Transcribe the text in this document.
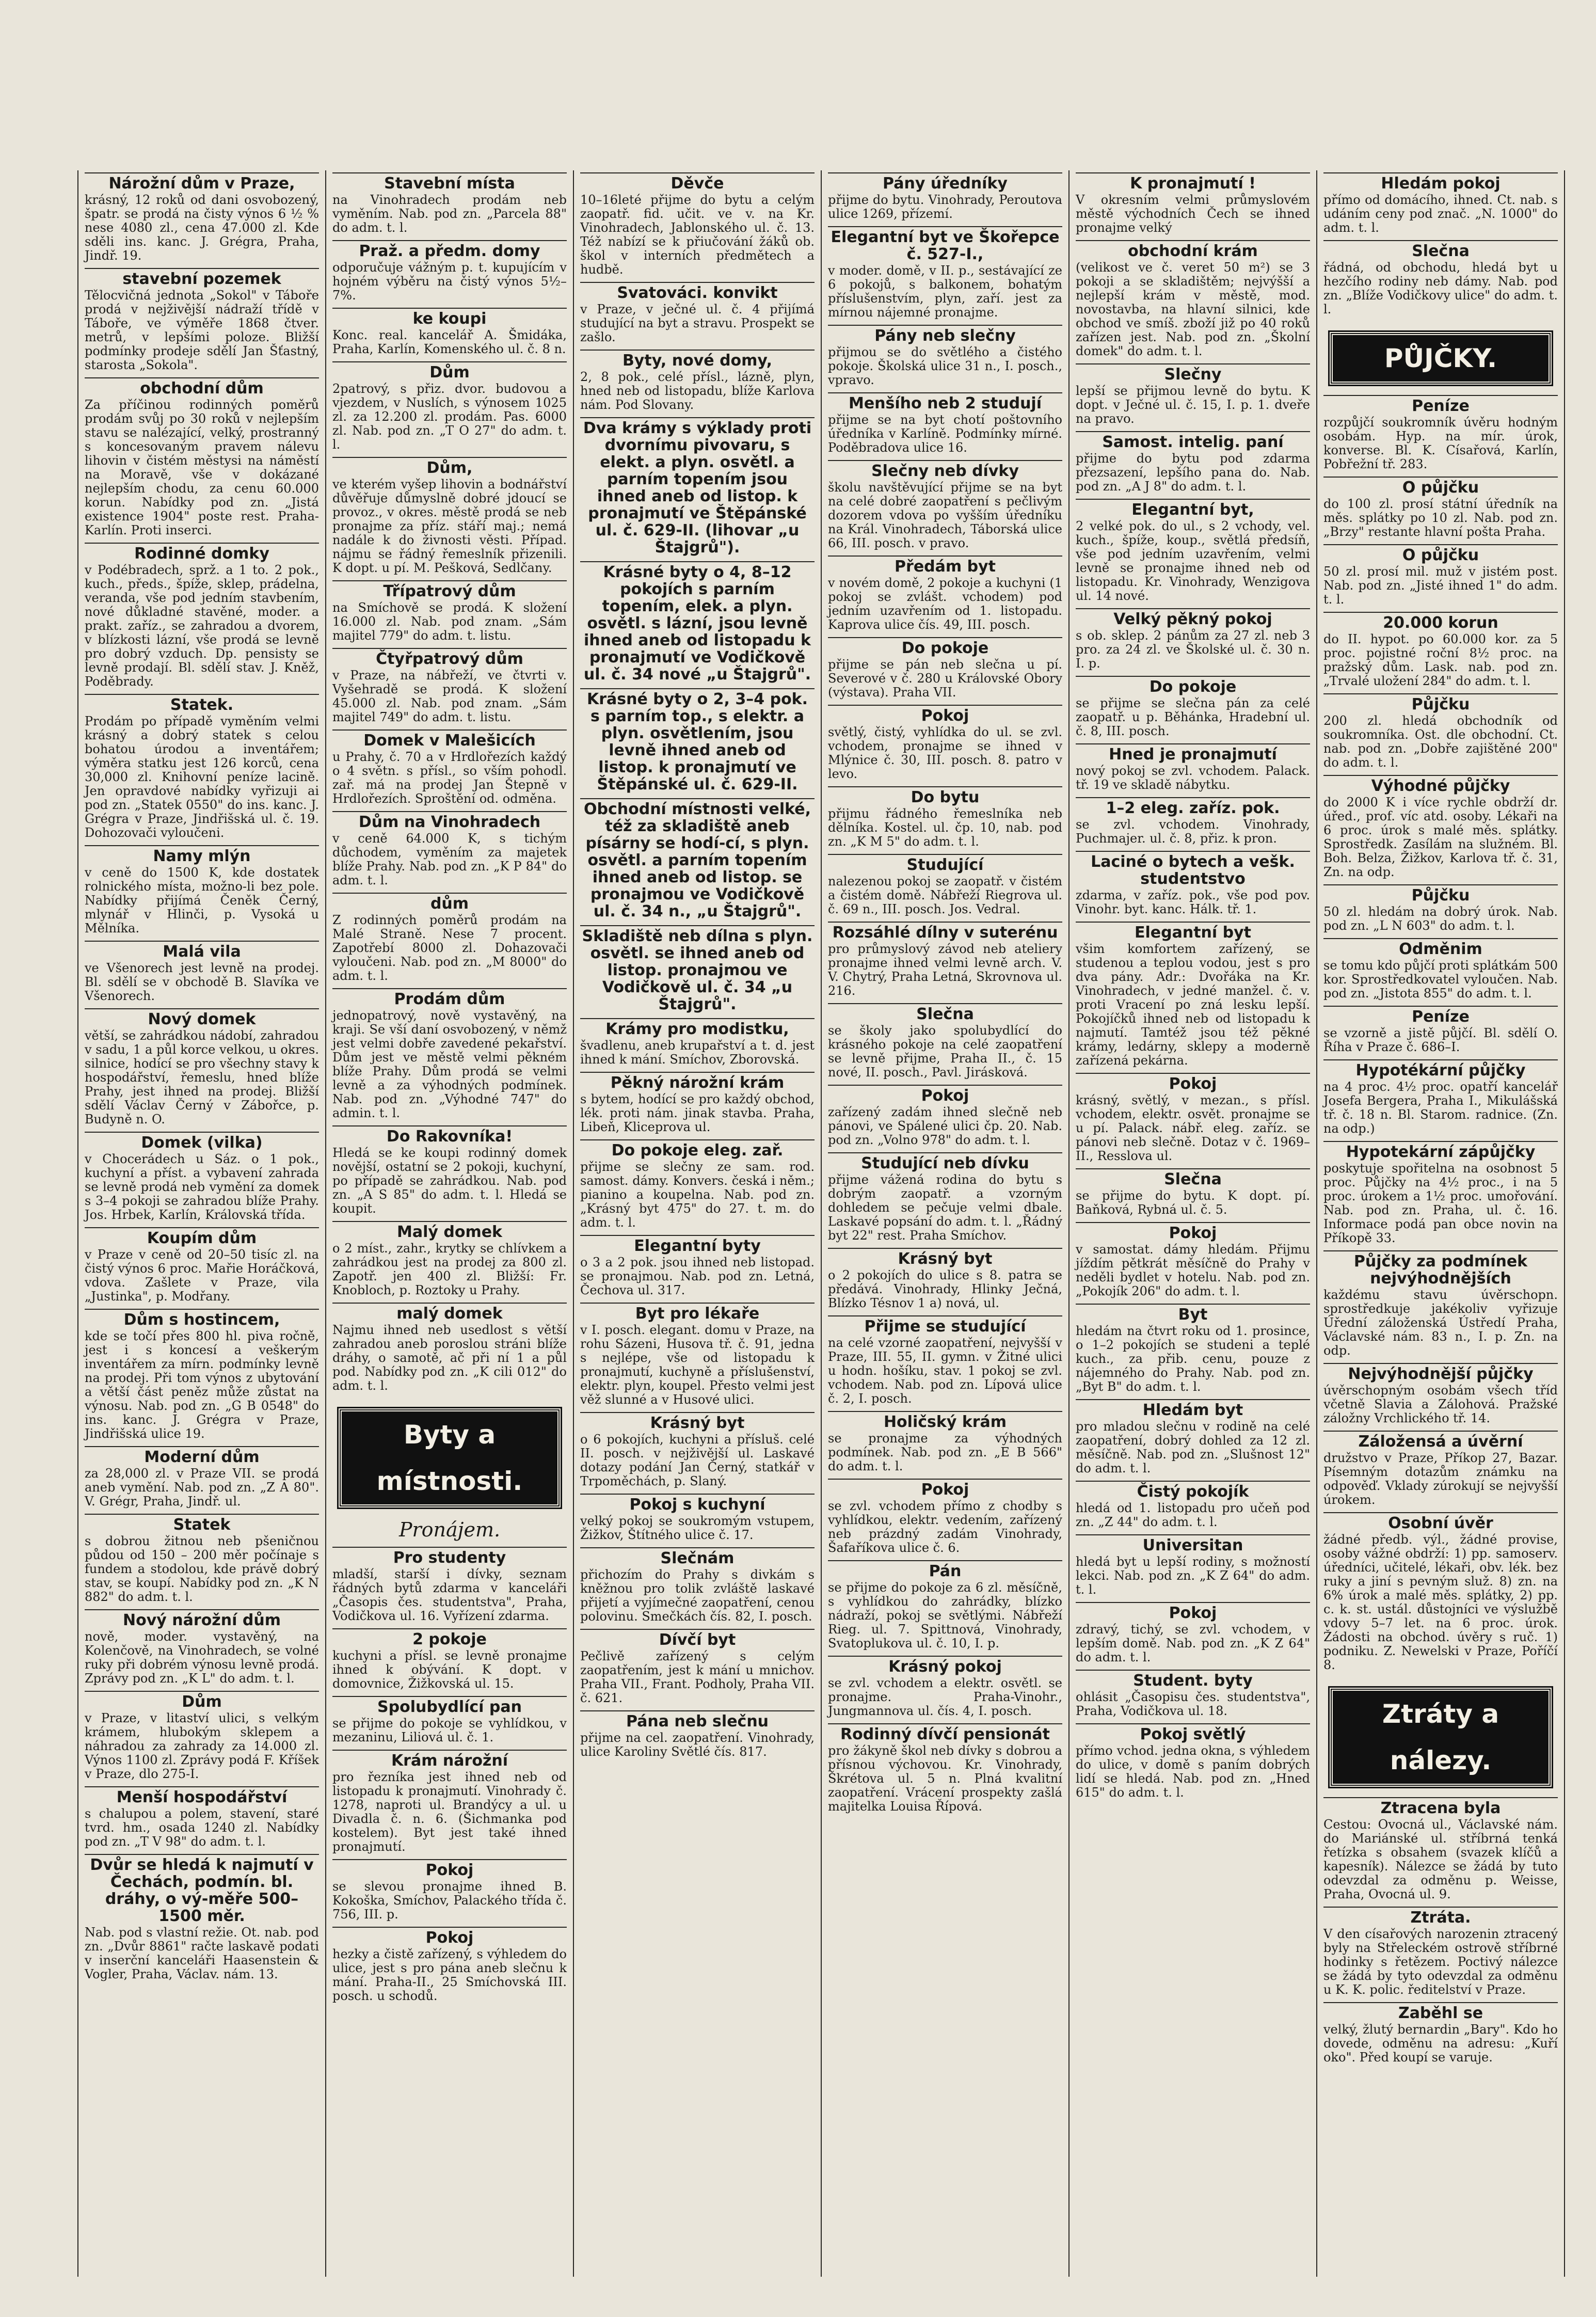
Nárožní dům v Praze,

krásný, 12 roků od dani osvobozený, špatr. se prodá na čisty výnos 6 ½ % nese 4080 zl., cena 47.000 zl. Kde sděli ins. kanc. J. Grégra, Praha, Jindř. 19.

stavební pozemek

Tělocvičná jednota „Sokol" v Táboře prodá v nejživější nádraží třídě v Táboře, ve výměře 1868 čtver. metrů, v lepšími poloze. Bližší podmínky prodeje sdělí Jan Šťastný, starosta „Sokola".

obchodní dům

Za příčinou rodinných poměrů prodám svůj po 30 roků v nejlepším stavu se nalézající, velký, prostranný s koncesovaným pravem nálevu lihovin v čistém městysi na náměstí na Moravě, vše v dokázané nejlepším chodu, za cenu 60.000 korun. Nabídky pod zn. „Jistá existence 1904" poste rest. Praha-Karlín. Proti inserci.

Rodinné domky

v Podébradech, sprž. a 1 to. 2 pok., kuch., předs., špíže, sklep, prádelna, veranda, vše pod jedním stavbením, nové důkladné stavěné, moder. a prakt. zaříz., se zahradou a dvorem, v blízkosti lázní, vše prodá se levně pro dobrý vzduch. Dp. pensisty se levně prodají. Bl. sdělí stav. J. Kněž, Poděbrady.

Statek.

Prodám po případě vyměním velmi krásný a dobrý statek s celou bohatou úrodou a inventářem; výměra statku jest 126 korců, cena 30,000 zl. Knihovní peníze lacině. Jen opravdové nabídky vyřizuji ai pod zn. „Statek 0550" do ins. kanc. J. Grégra v Praze, Jindřišská ul. č. 19. Dohozovači vyloučeni.

Namy mlýn

v ceně do 1500 K, kde dostatek rolnického místa, možno-li bez pole. Nabídky přijímá Čeněk Černý, mlynář v Hlinči, p. Vysoká u Mělníka.

Malá vila

ve Všenorech jest levně na prodej. Bl. sdělí se v obchodě B. Slavíka ve Všenorech.

Nový domek

větší, se zahrádkou nádobí, zahradou v sadu, 1 a půl korce velkou, u okres. silnice, hodící se pro všechny stavy k hospodářství, řemeslu, hned blíže Prahy, jest ihned na prodej. Bližší sdělí Václav Černý v Zábořce, p. Budyně n. O.

Domek (vilka)

v Chocerádech u Sáz. o 1 pok., kuchyní a příst. a vybavení zahrada se levně prodá neb vymění za domek s 3–4 pokoji se zahradou blíže Prahy. Jos. Hrbek, Karlín, Královská třída.

Koupím dům

v Praze v ceně od 20–50 tisíc zl. na čistý výnos 6 proc. Mařie Horáčková, vdova. Zašlete v Praze, vila „Justinka", p. Modřany.

Dům s hostincem,

kde se točí přes 800 hl. piva ročně, jest i s koncesí a veškerým inventářem za mírn. podmínky levně na prodej. Při tom výnos z ubytování a větší část peněz může zůstat na výnosu. Nab. pod zn. „G B 0548" do ins. kanc. J. Grégra v Praze, Jindřišská ulice 19.

Moderní dům

za 28,000 zl. v Praze VII. se prodá aneb vymění. Nab. pod zn. „Z A 80". V. Grégr, Praha, Jindř. ul.

Statek

s dobrou žitnou neb pšeničnou půdou od 150 – 200 měr počínaje s fundem a stodolou, kde právě dobrý stav, se koupí. Nabídky pod zn. „K N 882" do adm. t. l.

Nový nárožní dům

nově, moder. vystavěný, na Kolenčově, na Vinohradech, se volné ruky při dobrém výnosu levně prodá. Zprávy pod zn. „K L" do adm. t. l.

Dům

v Praze, v litaství ulici, s velkým krámem, hlubokým sklepem a náhradou za zahrady za 14.000 zl. Výnos 1100 zl. Zprávy podá F. Kříšek v Praze, dlo 275-I.

Menší hospodářství

s chalupou a polem, stavení, staré tvrd. hm., osada 1240 zl. Nabídky pod zn. „T V 98" do adm. t. l.

Dvůr se hledá k najmutí v Čechách, podmín. bl. dráhy, o vý-měře 500–1500 měr.

Nab. pod s vlastní režie. Ot. nab. pod zn. „Dvůr 8861" račte laskavě podati v inserční kanceláři Haasenstein & Vogler, Praha, Václav. nám. 13.

Stavební místa

na Vinohradech prodám neb vyměním. Nab. pod zn. „Parcela 88" do adm. t. l.

Praž. a předm. domy

odporučuje vážným p. t. kupujícím v hojném výběru na čistý výnos 5½–7%.

ke koupi

Konc. real. kancelář A. Šmidáka, Praha, Karlín, Komenského ul. č. 8 n.

Dům

2patrový, s přiz. dvor. budovou a vjezdem, v Nuslích, s výnosem 1025 zl. za 12.200 zl. prodám. Pas. 6000 zl. Nab. pod zn. „T O 27" do adm. t. l.

Dům,

ve kterém vyšep lihovin a bodnářství důvěřuje důmyslně dobré jdoucí se provoz., v okres. městě prodá se neb pronajme za příz. stáří maj.; nemá nadále k do živnosti věsti. Případ. nájmu se řádný řemeslník přizenili. K dopt. u pí. M. Pešková, Sedlčany.

Třípatrový dům

na Smíchově se prodá. K složení 16.000 zl. Nab. pod znam. „Sám majitel 779" do adm. t. listu.

Čtyřpatrový dům

v Praze, na nábřeží, ve čtvrti v. Vyšehradě se prodá. K složení 45.000 zl. Nab. pod znam. „Sám majitel 749" do adm. t. listu.

Domek v Malešicích

u Prahy, č. 70 a v Hrdlořezích každý o 4 světn. s přísl., so vším pohodl. zař. má na prodej Jan Štepně v Hrdlořezích. Sproštění od. odměna.

Dům na Vinohradech

v ceně 64.000 K, s tichým důchodem, vyměním za majetek blíže Prahy. Nab. pod zn. „K P 84" do adm. t. l.

dům

Z rodinných poměrů prodám na Malé Straně. Nese 7 procent. Zapotřebí 8000 zl. Dohazovači vyloučeni. Nab. pod zn. „M 8000" do adm. t. l.

Prodám dům

jednopatrový, nově vystavěný, na kraji. Se vší daní osvobozený, v němž jest velmi dobře zavedené pekařství. Dům jest ve městě velmi pěkném blíže Prahy. Dům prodá se velmi levně a za výhodných podmínek. Nab. pod zn. „Výhodné 747" do admin. t. l.

Do Rakovníka!

Hledá se ke koupi rodinný domek novější, ostatní se 2 pokoji, kuchyní, po případě se zahrádkou. Nab. pod zn. „A S 85" do adm. t. l. Hledá se koupit.

Malý domek

o 2 míst., zahr., krytky se chlívkem a zahrádkou jest na prodej za 800 zl. Zapotř. jen 400 zl. Bližší: Fr. Knobloch, p. Roztoky u Prahy.

malý domek

Najmu ihned neb usedlost s větší zahradou aneb poroslou stráni blíže dráhy, o samotě, ač při ní 1 a půl pod. Nabídky pod zn. „K cili 012" do adm. t. l.

Byty a místnosti.
Pronájem.
Pro studenty

mladší, starší i dívky, seznam řádných bytů zdarma v kanceláři „Časopis čes. studentstva", Praha, Vodičkova ul. 16. Vyřízení zdarma.

2 pokoje

kuchyni a přísl. se levně pronajme ihned k obývání. K dopt. v domovnice, Žižkovská ul. 15.

Spolubydlící pan

se přijme do pokoje se vyhlídkou, v mezaninu, Liliová ul. č. 1.

Krám nárožní

pro řezníka jest ihned neb od listopadu k pronajmutí. Vinohrady č. 1278, naproti ul. Brandýcy a ul. u Divadla č. n. 6. (Šichmanka pod kostelem). Byt jest také ihned pronajmutí.

Pokoj

se slevou pronajme ihned B. Kokoška, Smíchov, Palackého třída č. 756, III. p.

Pokoj

hezky a čistě zařízený, s výhledem do ulice, jest s pro pána aneb slečnu k mání. Praha-II., 25 Smíchovská III. posch. u schodů.

Děvče

10–16leté přijme do bytu a celým zaopatř. fid. učit. ve v. na Kr. Vinohradech, Jablonského ul. č. 13. Též nabízí se k přiučování žáků ob. škol v interních předmětech a hudbě.

Svatováci. konvikt

v Praze, v ječné ul. č. 4 přijímá studující na byt a stravu. Prospekt se zašlo.

Byty, nové domy,

2, 8 pok., celé přísl., lázně, plyn, hned neb od listopadu, blíže Karlova nám. Pod Slovany.

Dva krámy s výklady proti dvornímu pivovaru, s elekt. a plyn. osvětl. a parním topením jsou ihned aneb od listop. k pronajmutí ve Štěpánské ul. č. 629-II. (lihovar „u Štajgrů").
Krásné byty o 4, 8–12 pokojích s parním topením, elek. a plyn. osvětl. s lázní, jsou levně ihned aneb od listopadu k pronajmutí ve Vodičkově ul. č. 34 nové „u Štajgrů".
Krásné byty o 2, 3–4 pok. s parním top., s elektr. a plyn. osvětlením, jsou levně ihned aneb od listop. k pronajmutí ve Štěpánské ul. č. 629-II.
Obchodní místnosti velké, též za skladiště aneb písárny se hodí-cí, s plyn. osvětl. a parním topením ihned aneb od listop. se pronajmou ve Vodičkově ul. č. 34 n., „u Štajgrů".
Skladiště neb dílna s plyn. osvětl. se ihned aneb od listop. pronajmou ve Vodičkově ul. č. 34 „u Štajgrů".
Krámy pro modistku,

švadlenu, aneb krupařství a t. d. jest ihned k mání. Smíchov, Zborovská.

Pěkný nárožní krám

s bytem, hodící se pro každý obchod, lék. proti nám. jinak stavba. Praha, Libeň, Kliceprova ul.

Do pokoje eleg. zař.

přijme se slečny ze sam. rod. samost. dámy. Konvers. česká i něm.; pianino a koupelna. Nab. pod zn. „Krásný byt 475" do 27. t. m. do adm. t. l.

Elegantní byty

o 3 a 2 pok. jsou ihned neb listopad. se pronajmou. Nab. pod zn. Letná, Čechova ul. 317.

Byt pro lékaře

v I. posch. elegant. domu v Praze, na rohu Sázeni, Husova tř. č. 91, jedna s nejlépe, vše od listopadu k pronajmutí, kuchyně a příslušenství, elektr. plyn, koupel. Přesto velmi jest věž slunné a v Husové ulici.

Krásný byt

o 6 pokojích, kuchyni a přísluš. celé II. posch. v nejživější ul. Laskavé dotazy podání Jan Černý, statkář v Trpoměchách, p. Slaný.

Pokoj s kuchyní

velký pokoj se soukromým vstupem, Žižkov, Štítného ulice č. 17.

Slečnám

přichozím do Prahy s divkám s kněžnou pro tolik zvláště laskavé přijetí a vyjímečné zaopatření, cenou polovinu. Smečkách čís. 82, I. posch.

Dívčí byt

Pečlivě zařízený s celým zaopatřením, jest k mání u mnichov. Praha VII., Frant. Podholy, Praha VII. č. 621.

Pána neb slečnu

přijme na cel. zaopatření. Vinohrady, ulice Karoliny Světlé čís. 817.

Pány úředníky

přijme do bytu. Vinohrady, Peroutova ulice 1269, přízemí.

Elegantní byt ve Škořepce č. 527-I.,

v moder. domě, v II. p., sestávající ze 6 pokojů, s balkonem, bohatým příslušenstvím, plyn, zaří. jest za mírnou nájemné pronajme.

Pány neb slečny

přijmou se do světlého a čistého pokoje. Školská ulice 31 n., I. posch., vpravo.

Menšího neb 2 studují

přijme se na byt chotí poštovního úředníka v Karlíně. Podmínky mírné. Poděbradova ulice 16.

Slečny neb dívky

školu navštěvující přijme se na byt na celé dobré zaopatření s pečlivým dozorem vdova po vyšším úředníku na Král. Vinohradech, Táborská ulice 66, III. posch. v pravo.

Předám byt

v novém domě, 2 pokoje a kuchyni (1 pokoj se zvlášt. vchodem) pod jedním uzavřením od 1. listopadu. Kaprova ulice čís. 49, III. posch.

Do pokoje

přijme se pán neb slečna u pí. Severové v č. 280 u Královské Obory (výstava). Praha VII.

Pokoj

světlý, čistý, vyhlídka do ul. se zvl. vchodem, pronajme se ihned v Mlýnice č. 30, III. posch. 8. patro v levo.

Do bytu

přijmu řádného řemeslníka neb dělníka. Kostel. ul. čp. 10, nab. pod zn. „K M 5" do adm. t. l.

Studující

nalezenou pokoj se zaopatř. v čistém a čistém domě. Nábřeží Riegrova ul. č. 69 n., III. posch. Jos. Vedral.

Rozsáhlé dílny v suterénu

pro průmyslový závod neb ateliery pronajme ihned velmi levně arch. V. V. Chytrý, Praha Letná, Skrovnova ul. 216.

Slečna

se školy jako spolubydlící do krásného pokoje na celé zaopatření se levně přijme, Praha II., č. 15 nové, II. posch., Pavl. Jirásková.

Pokoj

zařízený zadám ihned slečně neb pánovi, ve Spálené ulici čp. 20. Nab. pod zn. „Volno 978" do adm. t. l.

Studující neb dívku

přijme vážená rodina do bytu s dobrým zaopatř. a vzorným dohledem se pečuje velmi dbale. Laskavé popsání do adm. t. l. „Řádný byt 22" rest. Praha Smíchov.

Krásný byt

o 2 pokojích do ulice s 8. patra se předává. Vinohrady, Hlinky Ječná, Blízko Tésnov 1 a) nová, ul.

Přijme se studující

na celé vzorné zaopatření, nejvyšší v Praze, III. 55, II. gymn. v Žitné ulici u hodn. hošíku, stav. 1 pokoj se zvl. vchodem. Nab. pod zn. Lípová ulice č. 2, I. posch.

Holičský krám

se pronajme za výhodných podmínek. Nab. pod zn. „E B 566" do adm. t. l.

Pokoj

se zvl. vchodem přímo z chodby s vyhlídkou, elektr. vedením, zařízený neb prázdný zadám Vinohrady, Šafaříkova ulice č. 6.

Pán

se přijme do pokoje za 6 zl. měsíčně, s vyhlídkou do zahrádky, blízko nádraží, pokoj se světlými. Nábřeží Rieg. ul. 7. Spittnová, Vinohrady, Svatoplukova ul. č. 10, I. p.

Krásný pokoj

se zvl. vchodem a elektr. osvětl. se pronajme. Praha-Vinohr., Jungmannova ul. čís. 4, I. posch.

Rodinný dívčí pensionát

pro žákyně škol neb dívky s dobrou a přísnou výchovou. Kr. Vinohrady, Škrétova ul. 5 n. Plná kvalitní zaopatření. Vrácení prospekty zašlá majitelka Louisa Řípová.

K pronajmutí !

V okresním velmi průmyslovém městě východních Čech se ihned pronajme velký

obchodní krám

(velikost ve č. veret 50 m²) se 3 pokoji a se skladištěm; nejvýšší a nejlepší krám v městě, mod. novostavba, na hlavní silnici, kde obchod ve smíš. zboží již po 40 roků zařízen jest. Nab. pod zn. „Školní domek" do adm. t. l.

Slečny

lepší se přijmou levně do bytu. K dopt. v Ječné ul. č. 15, I. p. 1. dveře na pravo.

Samost. intelig. paní

přijme do bytu pod zdarma přezsazení, lepšího pana do. Nab. pod zn. „A J 8" do adm. t. l.

Elegantní byt,

2 velké pok. do ul., s 2 vchody, vel. kuch., špíže, koup., světlá předsíň, vše pod jedním uzavřením, velmi levně se pronajme ihned neb od listopadu. Kr. Vinohrady, Wenzigova ul. 14 nové.

Velký pěkný pokoj

s ob. sklep. 2 pánům za 27 zl. neb 3 pro. za 24 zl. ve Školské ul. č. 30 n. I. p.

Do pokoje

se přijme se slečna pán za celé zaopatř. u p. Běhánka, Hradební ul. č. 8, III. posch.

Hned je pronajmutí

nový pokoj se zvl. vchodem. Palack. tř. 19 ve skladě nábytku.

1–2 eleg. zaříz. pok.

se zvl. vchodem. Vinohrady, Puchmajer. ul. č. 8, přiz. k pron.

Laciné o bytech a vešk. studentstvo

zdarma, v zaříz. pok., vše pod pov. Vinohr. byt. kanc. Hálk. tř. 1.

Elegantní byt

všim komfortem zařízený, se studenou a teplou vodou, jest s pro dva pány. Adr.: Dvořáka na Kr. Vinohradech, v jedné manžel. č. v. proti Vracení po zná lesku lepší. Pokojíčků ihned neb od listopadu k najmutí. Tamtéž jsou též pěkné krámy, ledárny, sklepy a moderně zařízená pekárna.

Pokoj

krásný, světlý, v mezan., s přísl. vchodem, elektr. osvět. pronajme se u pí. Palack. nábř. eleg. zaříz. se pánovi neb slečně. Dotaz v č. 1969–II., Resslova ul.

Slečna

se přijme do bytu. K dopt. pí. Baňková, Rybná ul. č. 5.

Pokoj

v samostat. dámy hledám. Přijmu jíždím pětkrát měsíčně do Prahy v neděli bydlet v hotelu. Nab. pod zn. „Pokojík 206" do adm. t. l.

Byt

hledám na čtvrt roku od 1. prosince, o 1–2 pokojích se studeni a teplé kuch., za přib. cenu, pouze z nájemného do Prahy. Nab. pod zn. „Byt B" do adm. t. l.

Hledám byt

pro mladou slečnu v rodině na celé zaopatření, dobrý dohled za 12 zl. měsíčně. Nab. pod zn. „Slušnost 12" do adm. t. l.

Čistý pokojík

hledá od 1. listopadu pro učeň pod zn. „Z 44" do adm. t. l.

Universitan

hledá byt u lepší rodiny, s možností lekci. Nab. pod zn. „K Z 64" do adm. t. l.

Pokoj

zdravý, tichý, se zvl. vchodem, v lepším domě. Nab. pod zn. „K Z 64" do adm. t. l.

Student. byty

ohlásit „Časopisu čes. studentstva", Praha, Vodičkova ul. 18.

Pokoj světlý

přímo vchod. jedna okna, s výhledem do ulice, v domě s paním dobrých lidí se hledá. Nab. pod zn. „Hned 615" do adm. t. l.

Hledám pokoj

přímo od domácího, ihned. Ct. nab. s udáním ceny pod znač. „N. 1000" do adm. t. l.

Slečna

řádná, od obchodu, hledá byt u hezčího rodiny neb dámy. Nab. pod zn. „Blíže Vodičkovy ulice" do adm. t. l.

PŮJČKY.
Peníze

rozpůjčí soukromník úvěru hodným osobám. Hyp. na mír. úrok, konverse. Bl. K. Císařová, Karlín, Pobřežní tř. 283.

O půjčku

do 100 zl. prosí státní úředník na měs. splátky po 10 zl. Nab. pod zn. „Brzy" restante hlavní pošta Praha.

O půjčku

50 zl. prosí mil. muž v jistém post. Nab. pod zn. „Jisté ihned 1" do adm. t. l.

20.000 korun

do II. hypot. po 60.000 kor. za 5 proc. pojistné roční 8½ proc. na pražský dům. Lask. nab. pod zn. „Trvalé uložení 284" do adm. t. l.

Půjčku

200 zl. hledá obchodník od soukromníka. Ost. dle obchodní. Ct. nab. pod zn. „Dobře zajištěné 200" do adm. t. l.

Výhodné půjčky

do 2000 K i více rychle obdrží dr. úřed., prof. víc atd. osoby. Lékaři na 6 proc. úrok s malé měs. splátky. Sprostředk. Zasílám na služném. Bl. Boh. Belza, Žižkov, Karlova tř. č. 31, Zn. na odp.

Půjčku

50 zl. hledám na dobrý úrok. Nab. pod zn. „L N 603" do adm. t. l.

Odměnim

se tomu kdo půjčí proti splátkám 500 kor. Sprostředkovatel vyloučen. Nab. pod zn. „Jistota 855" do adm. t. l.

Peníze

se vzorně a jistě půjčí. Bl. sdělí O. Říha v Praze č. 686–I.

Hypotékární půjčky

na 4 proc. 4½ proc. opatří kancelář Josefa Bergera, Praha I., Mikulášská tř. č. 18 n. Bl. Starom. radnice. (Zn. na odp.)

Hypotekární zápůjčky

poskytuje spořitelna na osobnost 5 proc. Půjčky na 4½ proc., i na 5 proc. úrokem a 1½ proc. umořování. Nab. pod zn. Praha, ul. č. 16. Informace podá pan obce novin na Příkopě 33.

Půjčky za podmínek nejvýhodnějších

každému stavu úvěrschopn. sprostředkuje jakékoliv vyřizuje Úřední záloženská Ústředí Praha, Václavské nám. 83 n., I. p. Zn. na odp.

Nejvýhodnější půjčky

úvěrschopným osobám všech tříd včetně Slavia a Zálohová. Pražské záložny Vrchlického tř. 14.

Záložensá a úvěrní

družstvo v Praze, Příkop 27, Bazar. Písemným dotazům známku na odpověď. Vklady zúrokují se nejvyšší úrokem.

Osobní úvěr

žádné předb. výl., žádné provise, osoby vážné obdrží: 1) pp. samoserv. úředníci, učitelé, lékaři, obv. lék. bez ruky a jiní s pevným služ. 8) zn. na 6% úrok a malé měs. splátky, 2) pp. c. k. st. ustál. důstojníci ve výslužbě vdovy 5–7 let. na 6 proc. úrok. Žádosti na obchod. úvěry s ruč. 1) podniku. Z. Newelski v Praze, Poříčí 8.

Ztráty a nálezy.
Ztracena byla

Cestou: Ovocná ul., Václavské nám. do Mariánské ul. stříbrná tenká řetízka s obsahem (svazek klíčů a kapesník). Nálezce se žádá by tuto odevzdal za odměnu p. Weisse, Praha, Ovocná ul. 9.

Ztráta.

V den císařových narozenin ztracený byly na Střeleckém ostrově stříbrné hodinky s řetězem. Poctivý nálezce se žádá by tyto odevzdal za odměnu u K. K. polic. ředitelství v Praze.

Zaběhl se

velký, žlutý bernardin „Bary". Kdo ho dovede, odměnu na adresu: „Kuří oko". Před koupí se varuje.
